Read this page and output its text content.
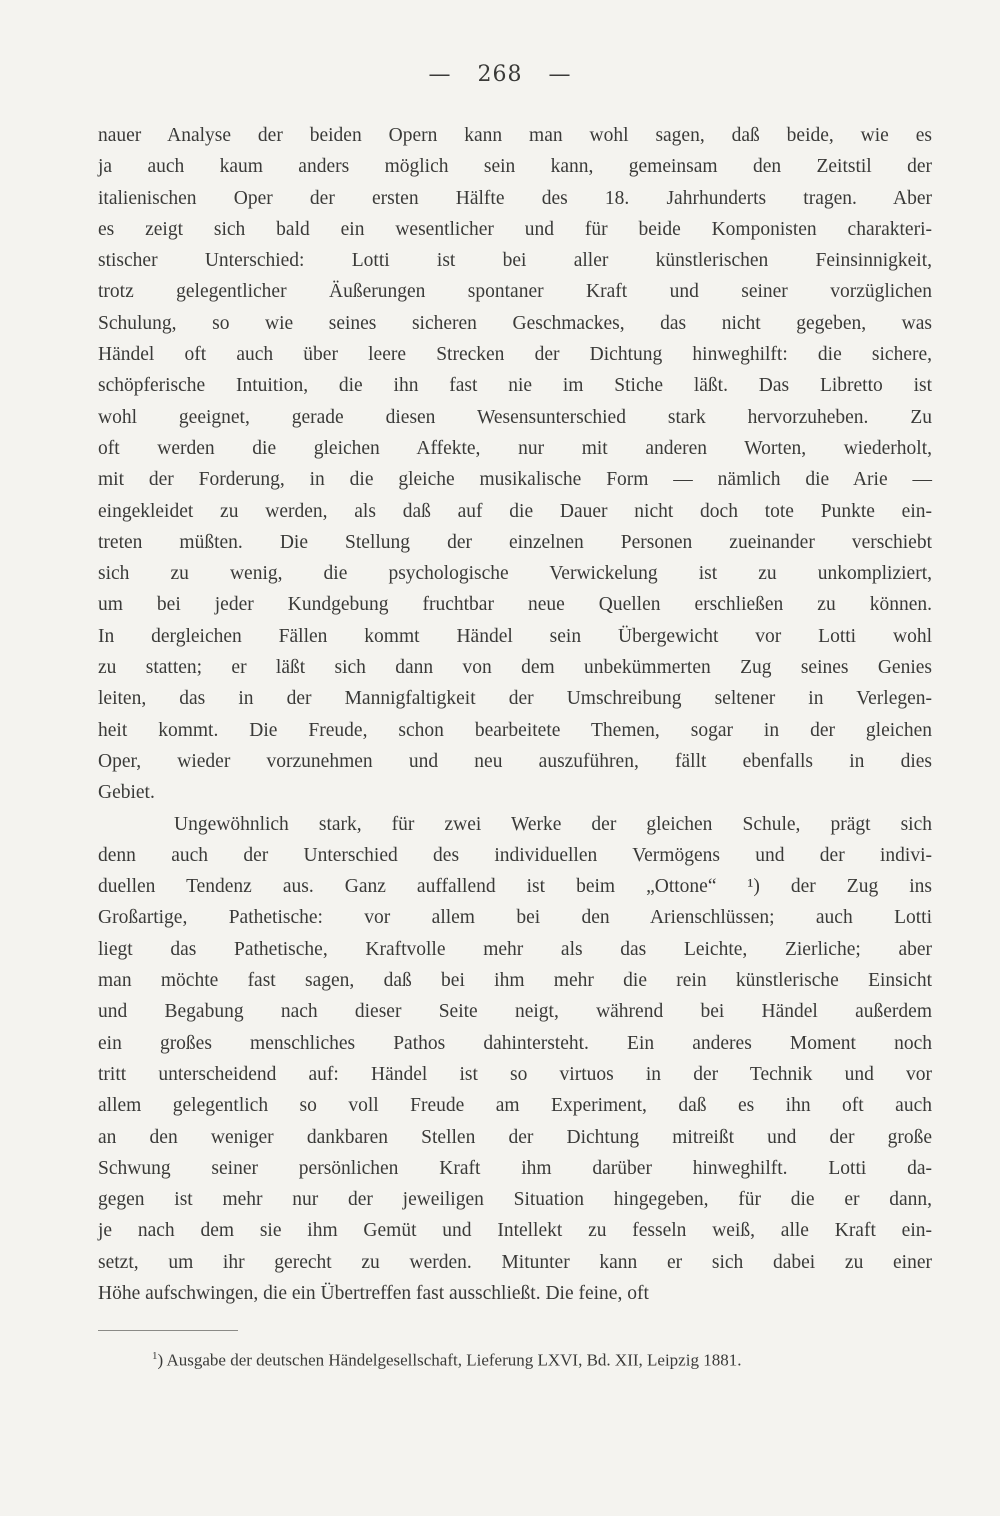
— 268 —
nauer Analyse der beiden Opern kann man wohl sagen, daß beide, wie es
ja auch kaum anders möglich sein kann, gemeinsam den Zeitstil der
italienischen Oper der ersten Hälfte des 18. Jahrhunderts tragen. Aber
es zeigt sich bald ein wesentlicher und für beide Komponisten charakteri-
stischer Unterschied: Lotti ist bei aller künstlerischen Feinsinnigkeit,
trotz gelegentlicher Äußerungen spontaner Kraft und seiner vorzüglichen
Schulung, so wie seines sicheren Geschmackes, das nicht gegeben, was
Händel oft auch über leere Strecken der Dichtung hinweghilft: die sichere,
schöpferische Intuition, die ihn fast nie im Stiche läßt. Das Libretto ist
wohl geeignet, gerade diesen Wesensunterschied stark hervorzuheben. Zu
oft werden die gleichen Affekte, nur mit anderen Worten, wiederholt,
mit der Forderung, in die gleiche musikalische Form — nämlich die Arie —
eingekleidet zu werden, als daß auf die Dauer nicht doch tote Punkte ein-
treten müßten. Die Stellung der einzelnen Personen zueinander verschiebt
sich zu wenig, die psychologische Verwickelung ist zu unkompliziert,
um bei jeder Kundgebung fruchtbar neue Quellen erschließen zu können.
In dergleichen Fällen kommt Händel sein Übergewicht vor Lotti wohl
zu statten; er läßt sich dann von dem unbekümmerten Zug seines Genies
leiten, das in der Mannigfaltigkeit der Umschreibung seltener in Verlegen-
heit kommt. Die Freude, schon bearbeitete Themen, sogar in der gleichen
Oper, wieder vorzunehmen und neu auszuführen, fällt ebenfalls in dies
Gebiet.
Ungewöhnlich stark, für zwei Werke der gleichen Schule, prägt sich
denn auch der Unterschied des individuellen Vermögens und der indivi-
duellen Tendenz aus. Ganz auffallend ist beim „Ottone“ ¹) der Zug ins
Großartige, Pathetische: vor allem bei den Arienschlüssen; auch Lotti
liegt das Pathetische, Kraftvolle mehr als das Leichte, Zierliche; aber
man möchte fast sagen, daß bei ihm mehr die rein künstlerische Einsicht
und Begabung nach dieser Seite neigt, während bei Händel außerdem
ein großes menschliches Pathos dahintersteht. Ein anderes Moment noch
tritt unterscheidend auf: Händel ist so virtuos in der Technik und vor
allem gelegentlich so voll Freude am Experiment, daß es ihn oft auch
an den weniger dankbaren Stellen der Dichtung mitreißt und der große
Schwung seiner persönlichen Kraft ihm darüber hinweghilft. Lotti da-
gegen ist mehr nur der jeweiligen Situation hingegeben, für die er dann,
je nach dem sie ihm Gemüt und Intellekt zu fesseln weiß, alle Kraft ein-
setzt, um ihr gerecht zu werden. Mitunter kann er sich dabei zu einer
Höhe aufschwingen, die ein Übertreffen fast ausschließt. Die feine, oft
$^1$) Ausgabe der deutschen Händelgesellschaft, Lieferung LXVI, Bd. XII, Leipzig 1881.
